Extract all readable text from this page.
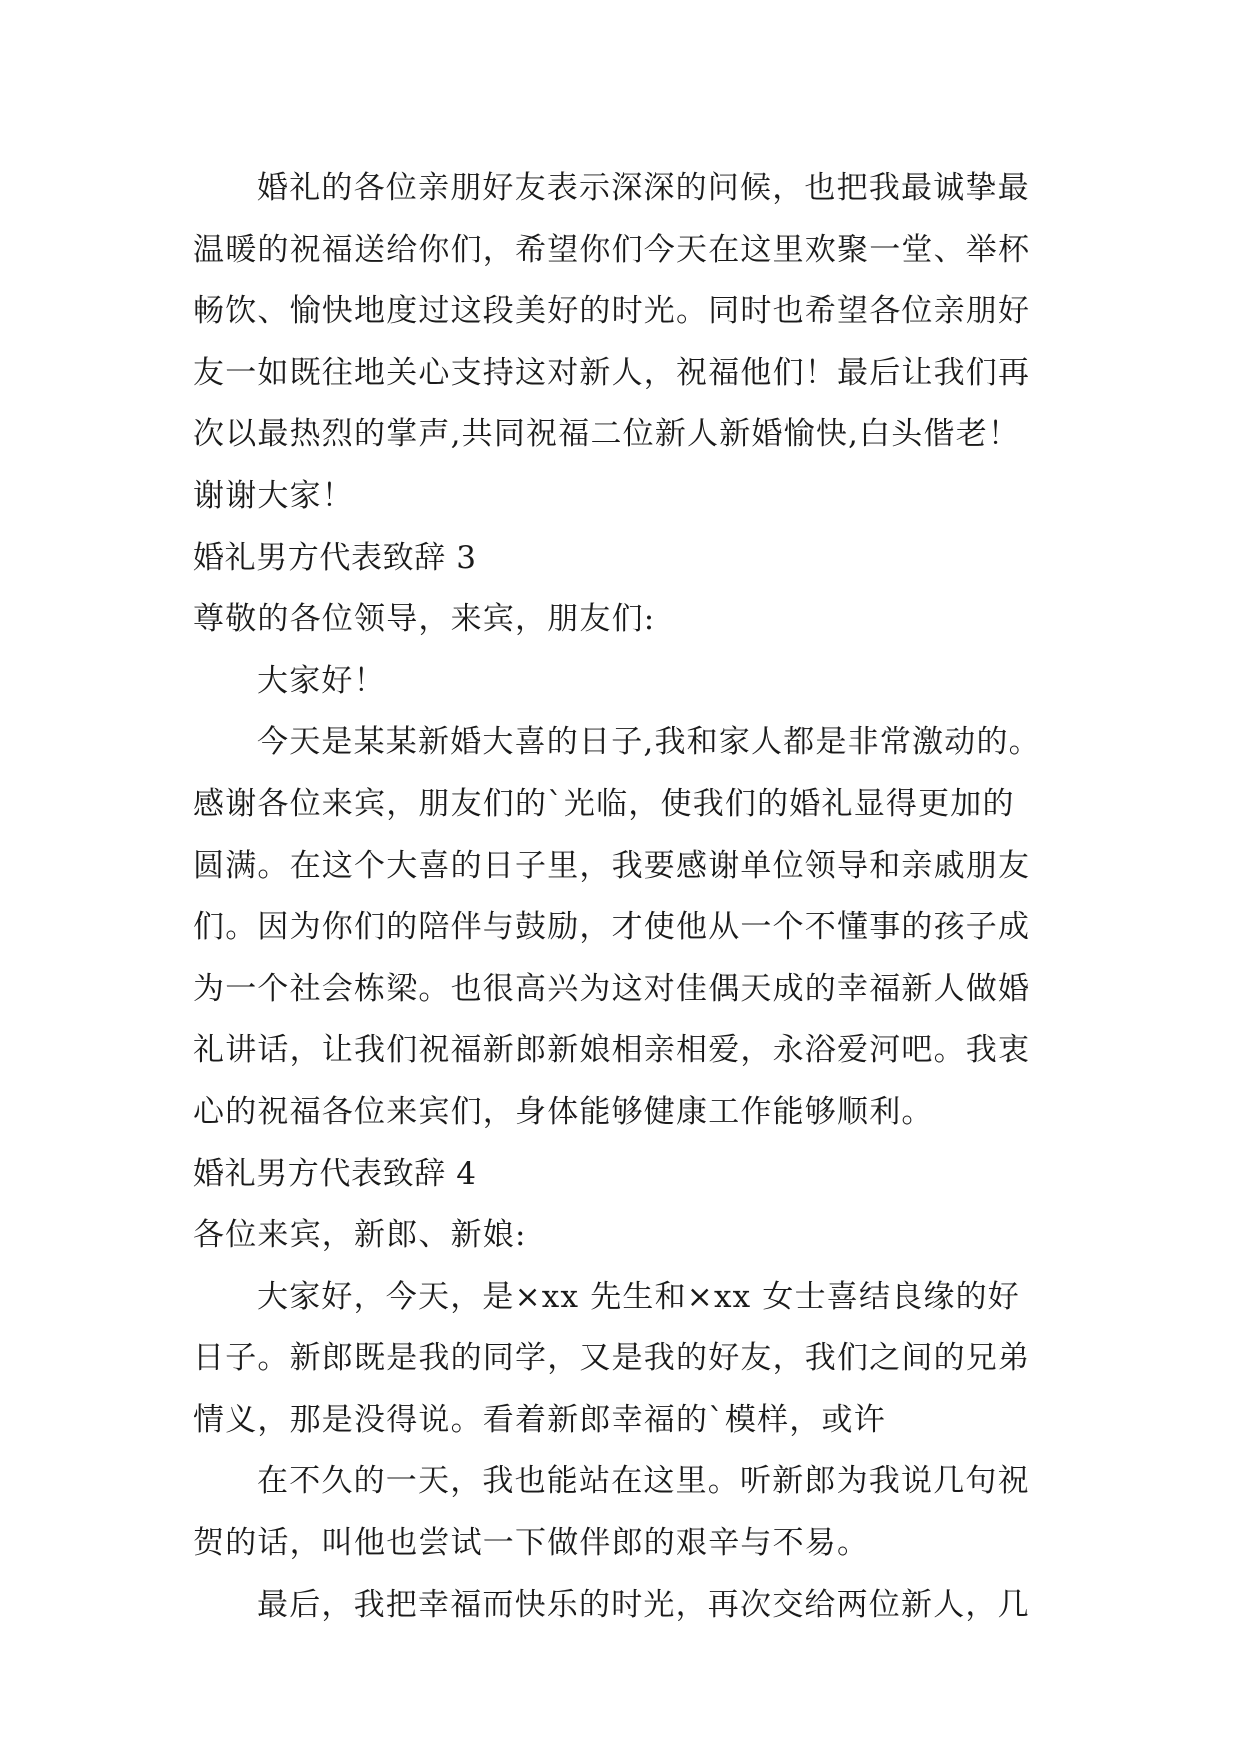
婚礼的各位亲朋好友表示深深的问候，也把我最诚挚最
温暖的祝福送给你们，希望你们今天在这里欢聚一堂、举杯
畅饮、愉快地度过这段美好的时光。同时也希望各位亲朋好
友一如既往地关心支持这对新人，祝福他们！最后让我们再
次以最热烈的掌声,共同祝福二位新人新婚愉快,白头偕老！
谢谢大家！
婚礼男方代表致辞 3
尊敬的各位领导，来宾，朋友们:
大家好！
今天是某某新婚大喜的日子,我和家人都是非常激动的。
感谢各位来宾，朋友们的`光临，使我们的婚礼显得更加的
圆满。在这个大喜的日子里，我要感谢单位领导和亲戚朋友
们。因为你们的陪伴与鼓励，才使他从一个不懂事的孩子成
为一个社会栋梁。也很高兴为这对佳偶天成的幸福新人做婚
礼讲话，让我们祝福新郎新娘相亲相爱，永浴爱河吧。我衷
心的祝福各位来宾们，身体能够健康工作能够顺利。
婚礼男方代表致辞 4
各位来宾，新郎、新娘:
大家好，今天，是×xx 先生和×xx 女士喜结良缘的好
日子。新郎既是我的同学，又是我的好友，我们之间的兄弟
情义，那是没得说。看着新郎幸福的`模样，或许
在不久的一天，我也能站在这里。听新郎为我说几句祝
贺的话，叫他也尝试一下做伴郎的艰辛与不易。
最后，我把幸福而快乐的时光，再次交给两位新人，几
